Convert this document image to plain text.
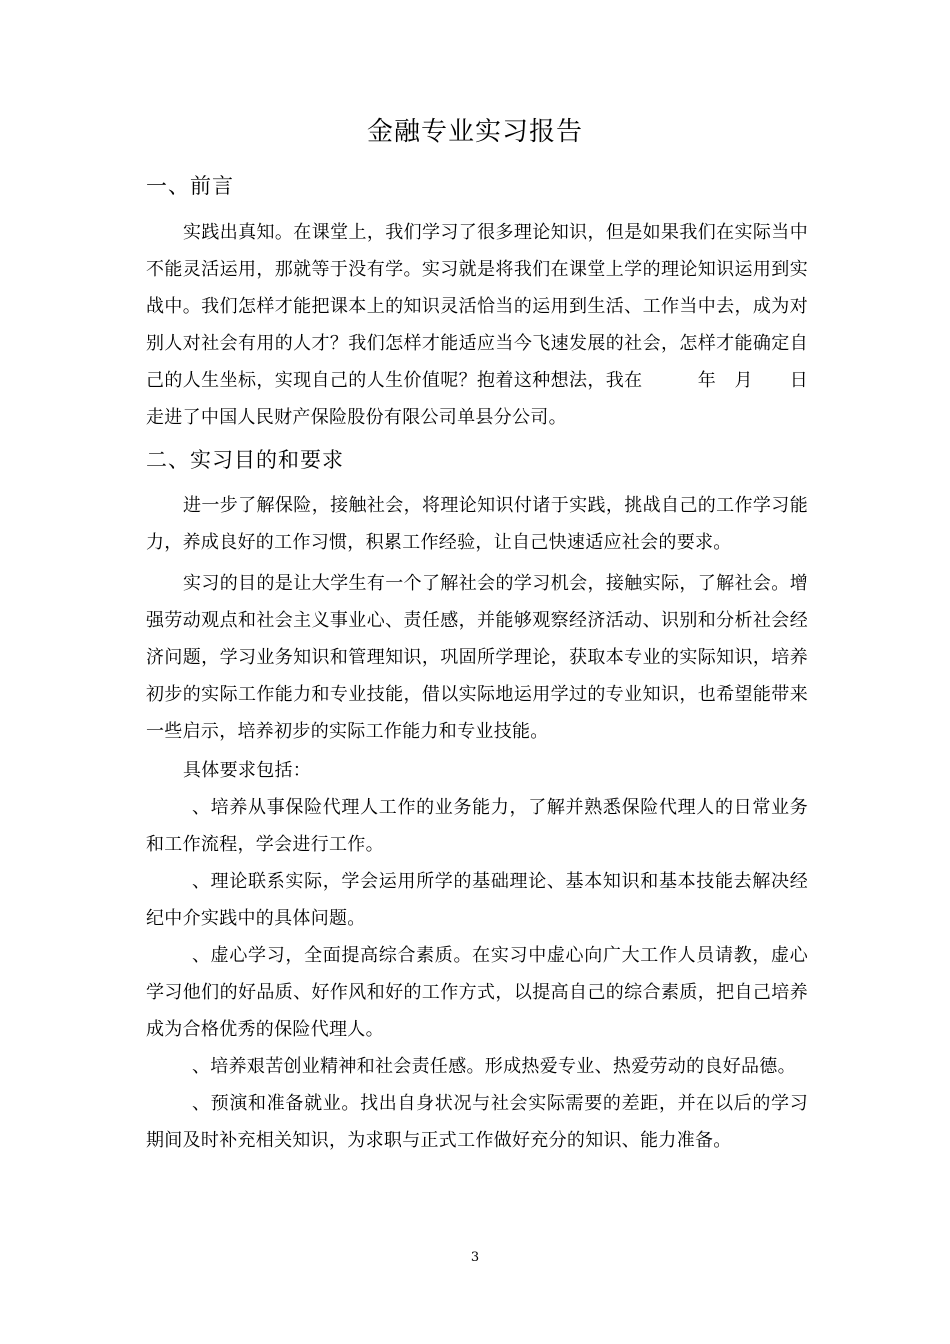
金融专业实习报告
一、前言

实践出真知。在课堂上，我们学习了很多理论知识，但是如果我们在实际当中不能灵活运用，那就等于没有学。实习就是将我们在课堂上学的理论知识运用到实战中。我们怎样才能把课本上的知识灵活恰当的运用到生活、工作当中去，成为对别人对社会有用的人才？我们怎样才能适应当今飞速发展的社会，怎样才能确定自己的人生坐标，实现自己的人生价值呢？抱着这种想法，我在　　　年　月　　日走进了中国人民财产保险股份有限公司单县分公司。

二、实习目的和要求

进一步了解保险，接触社会，将理论知识付诸于实践，挑战自己的工作学习能力，养成良好的工作习惯，积累工作经验，让自己快速适应社会的要求。

实习的目的是让大学生有一个了解社会的学习机会，接触实际，了解社会。增强劳动观点和社会主义事业心、责任感，并能够观察经济活动、识别和分析社会经济问题，学习业务知识和管理知识，巩固所学理论，获取本专业的实际知识，培养初步的实际工作能力和专业技能，借以实际地运用学过的专业知识，也希望能带来一些启示，培养初步的实际工作能力和专业技能。

具体要求包括：

、培养从事保险代理人工作的业务能力，了解并熟悉保险代理人的日常业务和工作流程，学会进行工作。

、理论联系实际，学会运用所学的基础理论、基本知识和基本技能去解决经纪中介实践中的具体问题。

、虚心学习，全面提高综合素质。在实习中虚心向广大工作人员请教，虚心学习他们的好品质、好作风和好的工作方式，以提高自己的综合素质，把自己培养成为合格优秀的保险代理人。

、培养艰苦创业精神和社会责任感。形成热爱专业、热爱劳动的良好品德。

、预演和准备就业。找出自身状况与社会实际需要的差距，并在以后的学习期间及时补充相关知识，为求职与正式工作做好充分的知识、能力准备。

3
